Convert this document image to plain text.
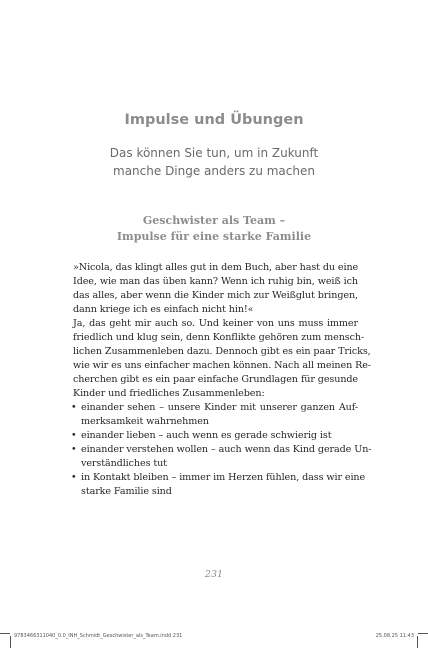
Impulse und Übungen
Das können Sie tun, um in Zukunft
manche Dinge anders zu machen
Geschwister als Team –
Impulse für eine starke Familie
»Nicola, das klingt alles gut in dem Buch, aber hast du eine
Idee, wie man das üben kann? Wenn ich ruhig bin, weiß ich
das alles, aber wenn die Kinder mich zur Weißglut bringen,
dann kriege ich es einfach nicht hin!«
Ja, das geht mir auch so. Und keiner von uns muss immer
friedlich und klug sein, denn Konflikte gehören zum mensch-
lichen Zusammenleben dazu. Dennoch gibt es ein paar Tricks,
wie wir es uns einfacher machen können. Nach all meinen Re-
cherchen gibt es ein paar einfache Grundlagen für gesunde
Kinder und friedliches Zusammenleben:
• einander sehen – unsere Kinder mit unserer ganzen Auf-
merksamkeit wahrnehmen
• einander lieben – auch wenn es gerade schwierig ist
• einander verstehen wollen – auch wenn das Kind gerade Un-
verständliches tut
• in Kontakt bleiben – immer im Herzen fühlen, dass wir eine
starke Familie sind
231
9783466311040_0.0_INH_Schmidt_Geschwister_als_Team.indd 231	25.08.25 11:43
